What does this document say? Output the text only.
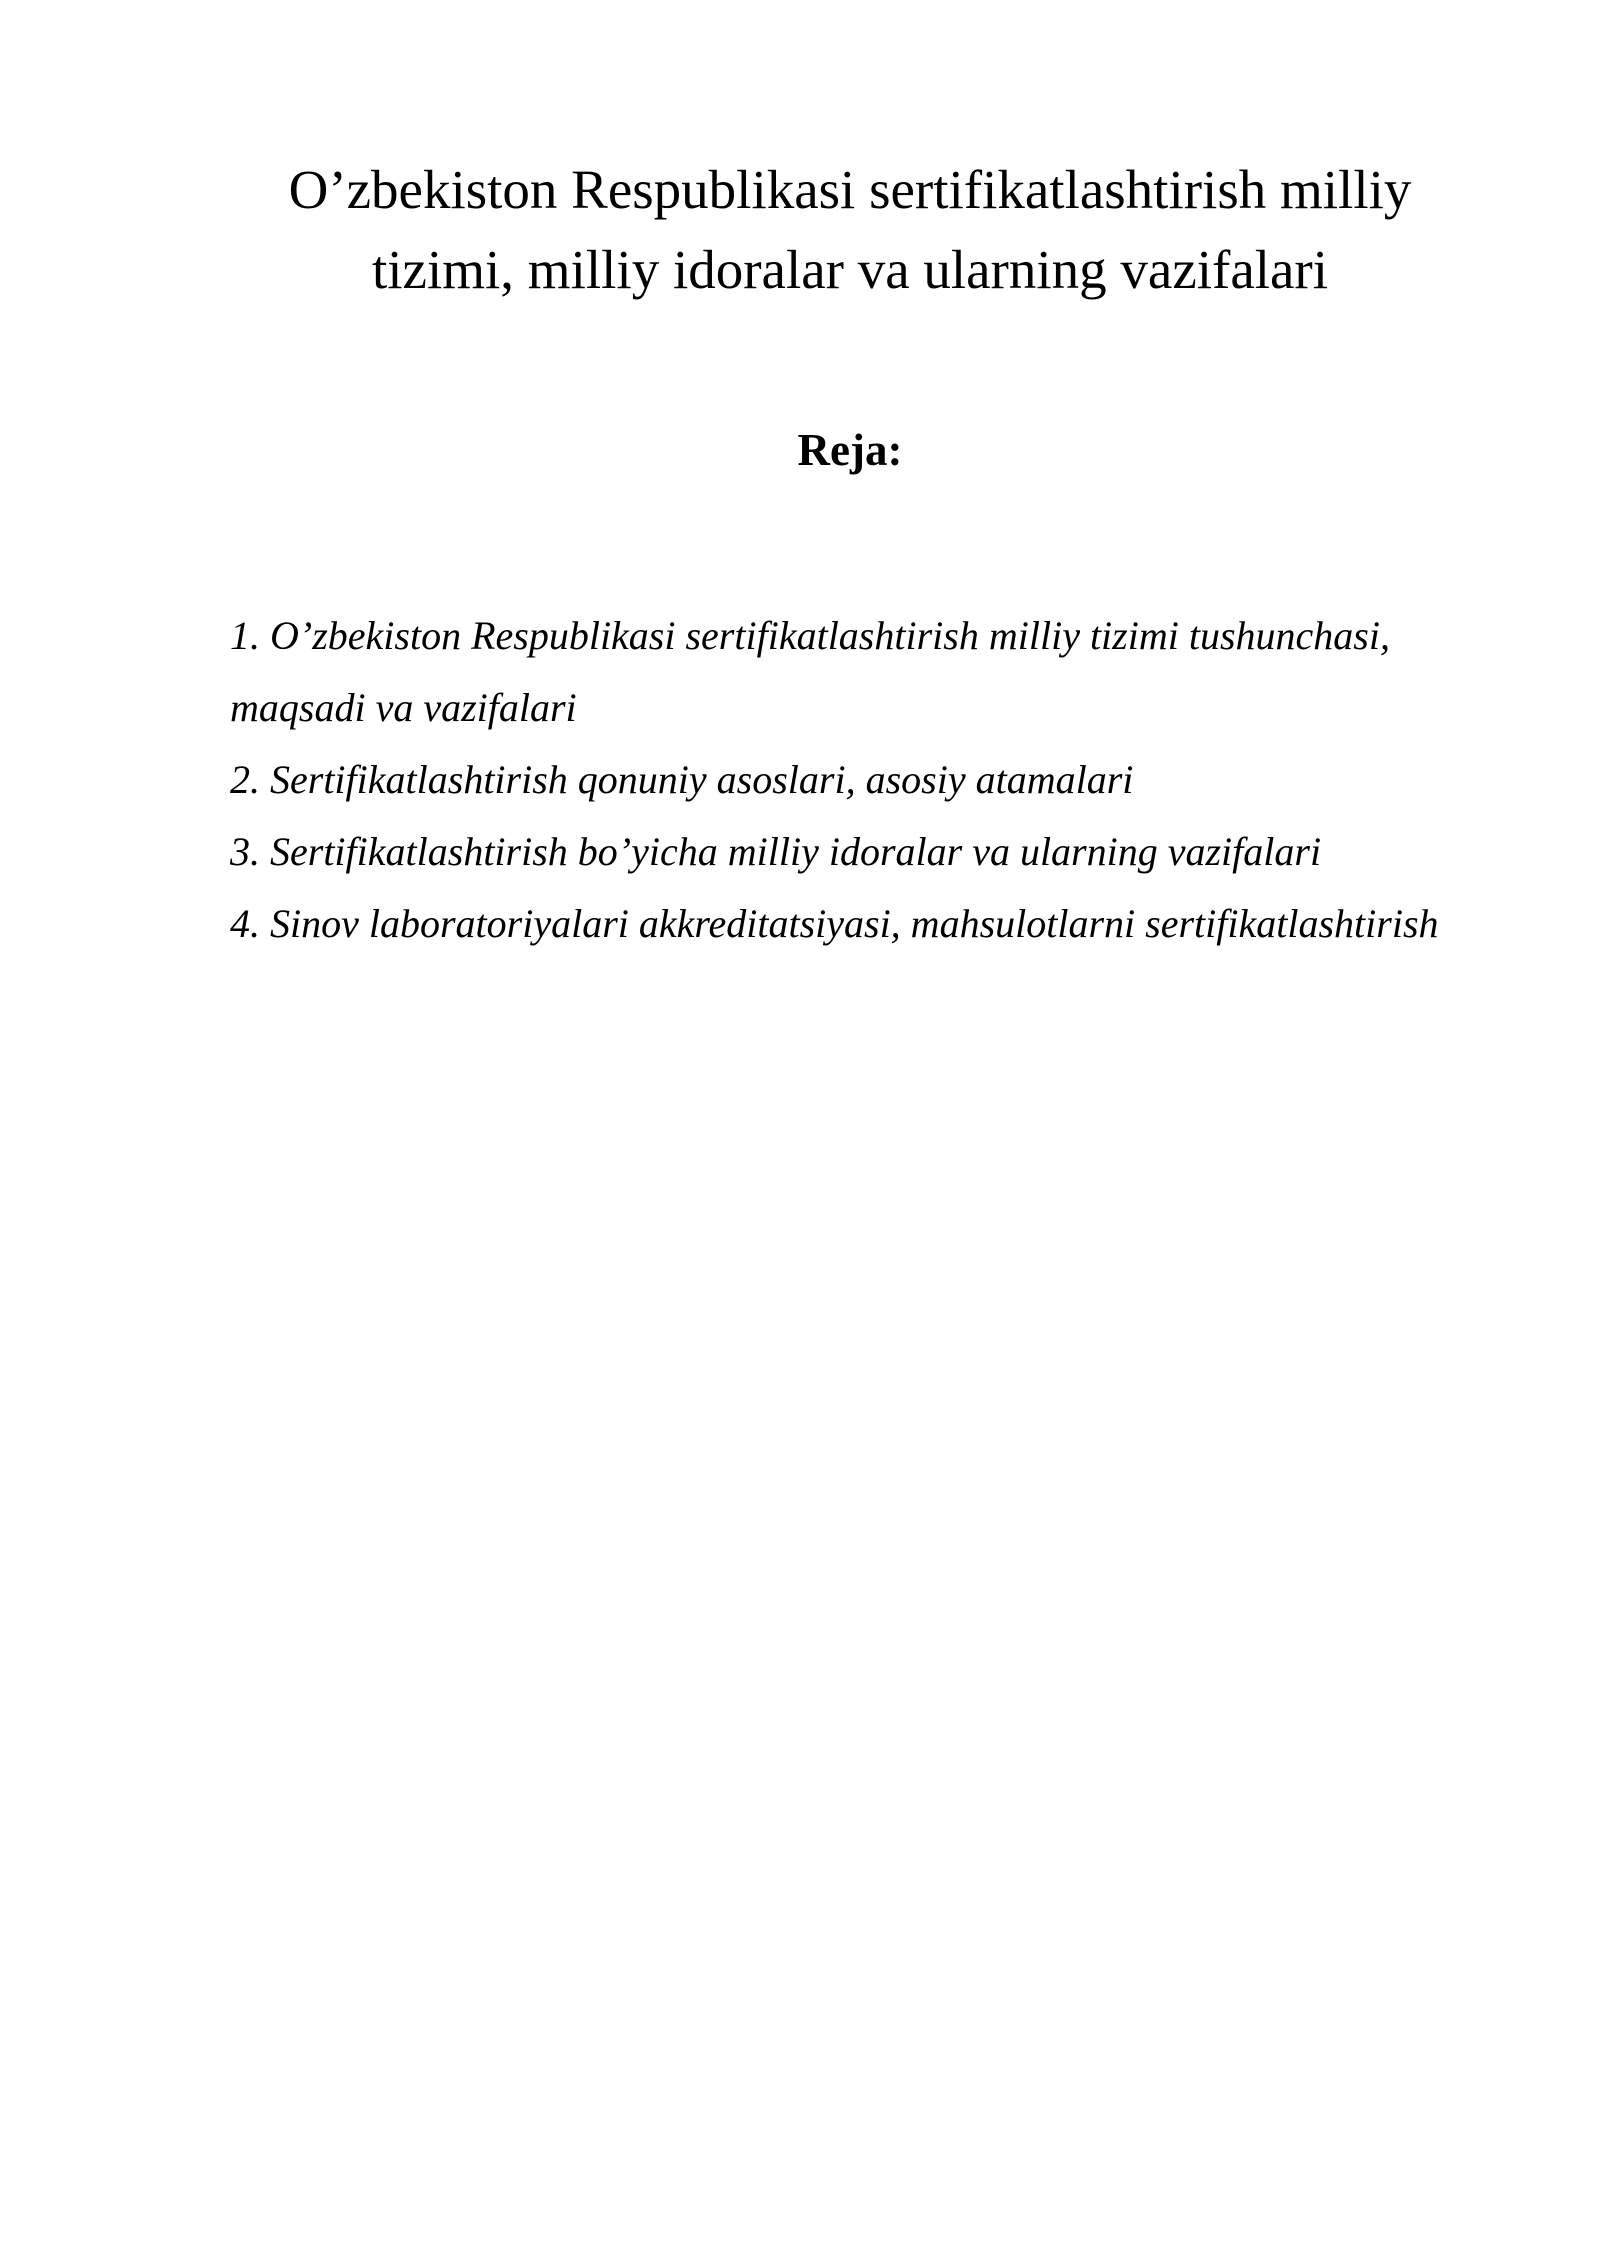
O’zbekiston Respublikasi sertifikatlashtirish milliy
tizimi, milliy idoralar va ularning vazifalari
Reja:
1. O’zbekiston Respublikasi sertifikatlashtirish milliy tizimi tushunchasi, maqsadi va vazifalari
2. Sertifikatlashtirish qonuniy asoslari, asosiy atamalari
3. Sertifikatlashtirish bo’yicha milliy idoralar va ularning vazifalari
4. Sinov laboratoriyalari akkreditatsiyasi, mahsulotlarni sertifikatlashtirish
